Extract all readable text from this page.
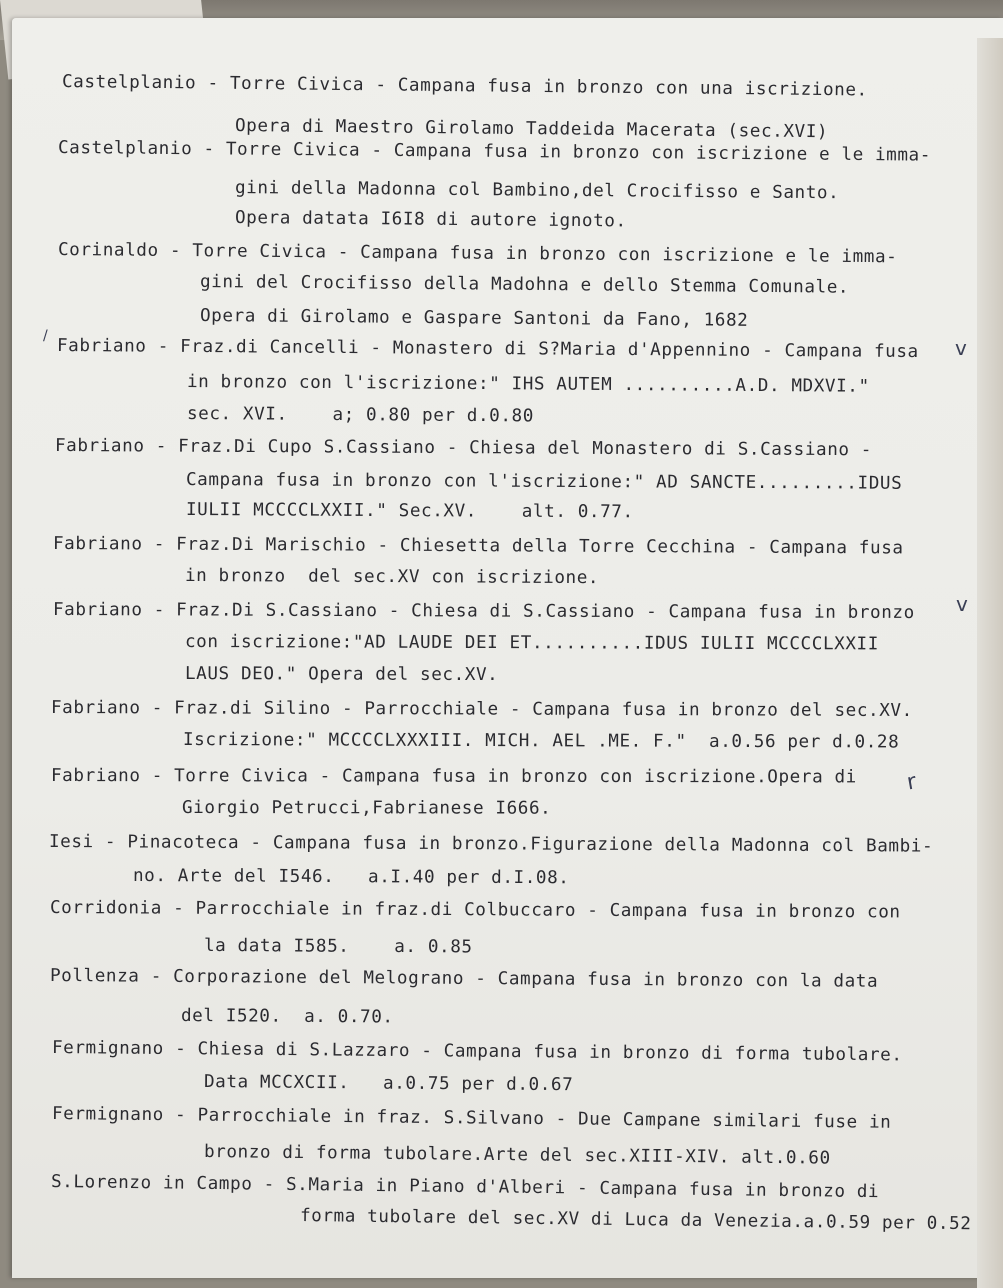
Castelplanio - Torre Civica - Campana fusa in bronzo con una iscrizione.
Opera di Maestro Girolamo Taddeida Macerata (sec.XVI)
Castelplanio - Torre Civica - Campana fusa in bronzo con iscrizione e le imma-
gini della Madonna col Bambino,del Crocifisso e Santo.
Opera datata I6I8 di autore ignoto.
Corinaldo - Torre Civica - Campana fusa in bronzo con iscrizione e le imma-
gini del Crocifisso della Madohna e dello Stemma Comunale.
Opera di Girolamo e Gaspare Santoni da Fano, 1682
Fabriano - Fraz.di Cancelli - Monastero di S?Maria d'Appennino - Campana fusa
in bronzo con l'iscrizione:" IHS AUTEM ..........A.D. MDXVI."
sec. XVI.    a; 0.80 per d.0.80
Fabriano - Fraz.Di Cupo S.Cassiano - Chiesa del Monastero di S.Cassiano -
Campana fusa in bronzo con l'iscrizione:" AD SANCTE.........IDUS
IULII MCCCCLXXII." Sec.XV.    alt. 0.77.
Fabriano - Fraz.Di Marischio - Chiesetta della Torre Cecchina - Campana fusa
in bronzo  del sec.XV con iscrizione.
Fabriano - Fraz.Di S.Cassiano - Chiesa di S.Cassiano - Campana fusa in bronzo
con iscrizione:"AD LAUDE DEI ET..........IDUS IULII MCCCCLXXII
LAUS DEO." Opera del sec.XV.
Fabriano - Fraz.di Silino - Parrocchiale - Campana fusa in bronzo del sec.XV.
Iscrizione:" MCCCCLXXXIII. MICH. AEL .ME. F."  a.0.56 per d.0.28
Fabriano - Torre Civica - Campana fusa in bronzo con iscrizione.Opera di
Giorgio Petrucci,Fabrianese I666.
Iesi - Pinacoteca - Campana fusa in bronzo.Figurazione della Madonna col Bambi-
no. Arte del I546.   a.I.40 per d.I.08.
Corridonia - Parrocchiale in fraz.di Colbuccaro - Campana fusa in bronzo con
la data I585.    a. 0.85
Pollenza - Corporazione del Melograno - Campana fusa in bronzo con la data
del I520.  a. 0.70.
Fermignano - Chiesa di S.Lazzaro - Campana fusa in bronzo di forma tubolare.
Data MCCXCII.   a.0.75 per d.0.67
Fermignano - Parrocchiale in fraz. S.Silvano - Due Campane similari fuse in
bronzo di forma tubolare.Arte del sec.XIII-XIV. alt.0.60
S.Lorenzo in Campo - S.Maria in Piano d'Alberi - Campana fusa in bronzo di
forma tubolare del sec.XV di Luca da Venezia.a.0.59 per 0.52
v
v
r
/
